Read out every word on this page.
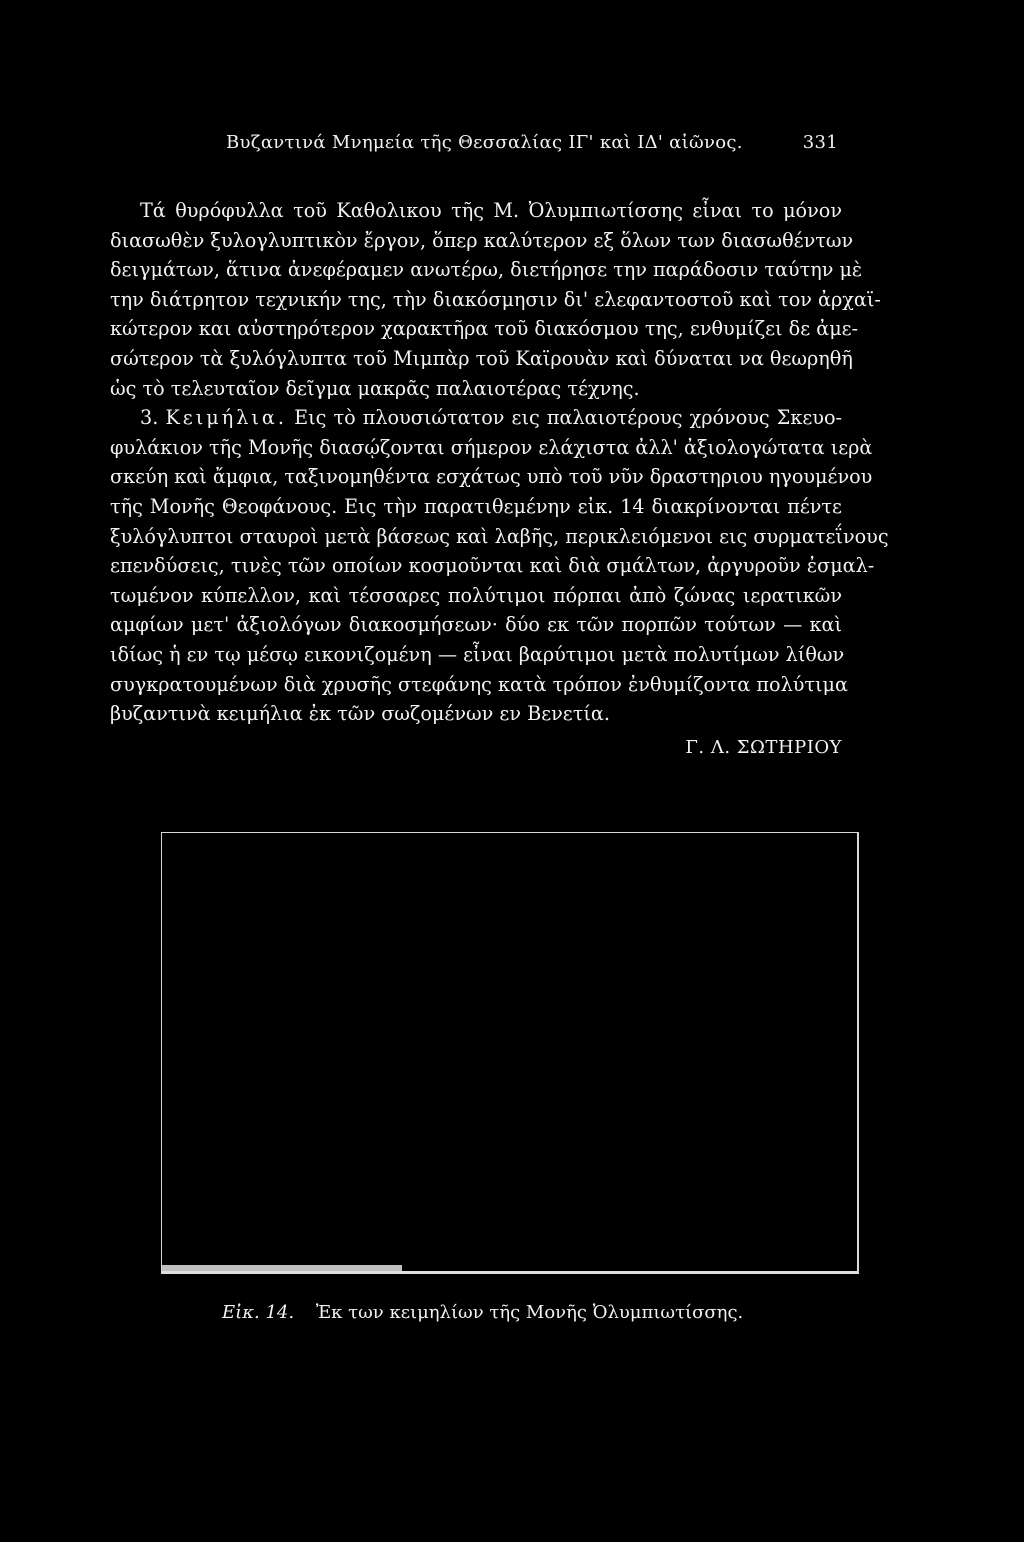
Βυζαντινά Μνημεία τῆς Θεσσαλίας ΙΓ' καὶ ΙΔ' αἰῶνος.	331
Τά θυρόφυλλα τοῦ Καθολικου τῆς Μ. Ὀλυμπιωτίσσης εἶναι το μόνον
διασωθὲν ξυλογλυπτικὸν ἔργον, ὅπερ καλύτερον εξ ὅλων των διασωθέντων
δειγμάτων, ἅτινα ἀνεφέραμεν ανωτέρω, διετήρησε την παράδοσιν ταύτην μὲ
την διάτρητον τεχνικήν της, τὴν διακόσμησιν δι' ελεφαντοστοῦ καὶ τον ἀρχαϊ-
κώτερον και αὐστηρότερον χαρακτῆρα τοῦ διακόσμου της, ενθυμίζει δε ἀμε-
σώτερον τὰ ξυλόγλυπτα τοῦ Μιμπὰρ τοῦ Καϊρουὰν καὶ δύναται να θεωρηθῆ
ὡς τὸ τελευταῖον δεῖγμα μακρᾶς παλαιοτέρας τέχνης.
3. Κειμήλια. Εις τὸ πλουσιώτατον εις παλαιοτέρους χρόνους Σκευο-
φυλάκιον τῆς Μονῆς διασῴζονται σήμερον ελάχιστα ἀλλ' ἀξιολογώτατα ιερὰ
σκεύη καὶ ἄμφια, ταξινομηθέντα εσχάτως υπὸ τοῦ νῦν δραστηριου ηγουμένου
τῆς Μονῆς Θεοφάνους. Εις τὴν παρατιθεμένην εἰκ. 14 διακρίνονται πέντε
ξυλόγλυπτοι σταυροὶ μετὰ βάσεως καὶ λαβῆς, περικλειόμενοι εις συρματεΐνους
επενδύσεις, τινὲς τῶν οποίων κοσμοῦνται καὶ διὰ σμάλτων, ἀργυροῦν ἐσμαλ-
τωμένον κύπελλον, καὶ τέσσαρες πολύτιμοι πόρπαι ἀπὸ ζώνας ιερατικῶν
αμφίων μετ' ἀξιολόγων διακοσμήσεων· δύο εκ τῶν πορπῶν τούτων — καὶ
ιδίως ἡ εν τῳ μέσῳ εικονιζομένη — εἶναι βαρύτιμοι μετὰ πολυτίμων λίθων
συγκρατουμένων διὰ χρυσῆς στεφάνης κατὰ τρόπον ἐνθυμίζοντα πολύτιμα
βυζαντινὰ κειμήλια ἐκ τῶν σωζομένων εν Βενετία.
Γ. Λ. ΣΩΤΗΡΙΟΥ
Εἰκ. 14. Ἐκ των κειμηλίων τῆς Μονῆς Ὀλυμπιωτίσσης.
